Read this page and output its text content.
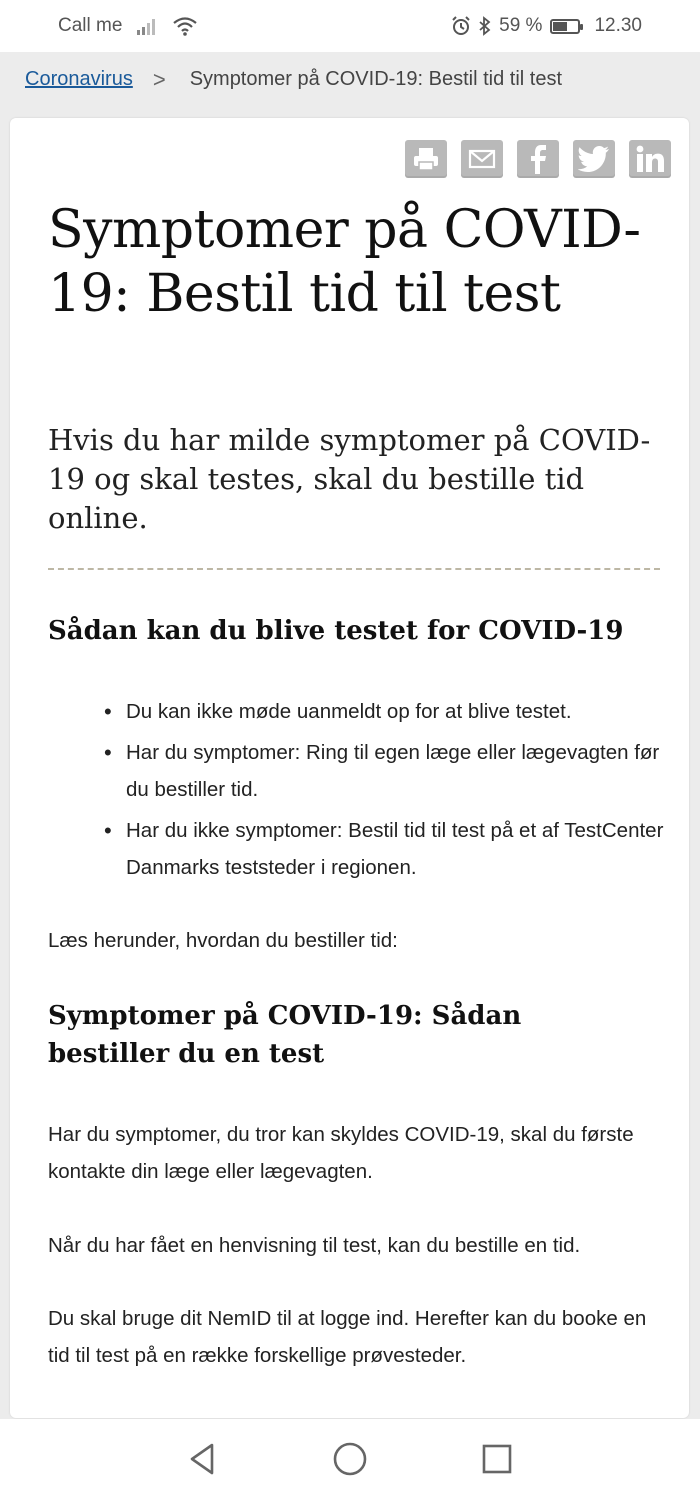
Call me	59 %	12.30
Coronavirus > Symptomer på COVID-19: Bestil tid til test
Symptomer på COVID-19: Bestil tid til test
Hvis du har milde symptomer på COVID-19 og skal testes, skal du bestille tid online.
Sådan kan du blive testet for COVID-19
• Du kan ikke møde uanmeldt op for at blive testet.
• Har du symptomer: Ring til egen læge eller lægevagten før du bestiller tid.
• Har du ikke symptomer: Bestil tid til test på et af TestCenter Danmarks teststeder i regionen.

Læs herunder, hvordan du bestiller tid:

Symptomer på COVID-19: Sådan bestiller du en test

Har du symptomer, du tror kan skyldes COVID-19, skal du første kontakte din læge eller lægevagten.

Når du har fået en henvisning til test, kan du bestille en tid.

Du skal bruge dit NemID til at logge ind. Herefter kan du booke en tid til test på en række forskellige prøvesteder.
